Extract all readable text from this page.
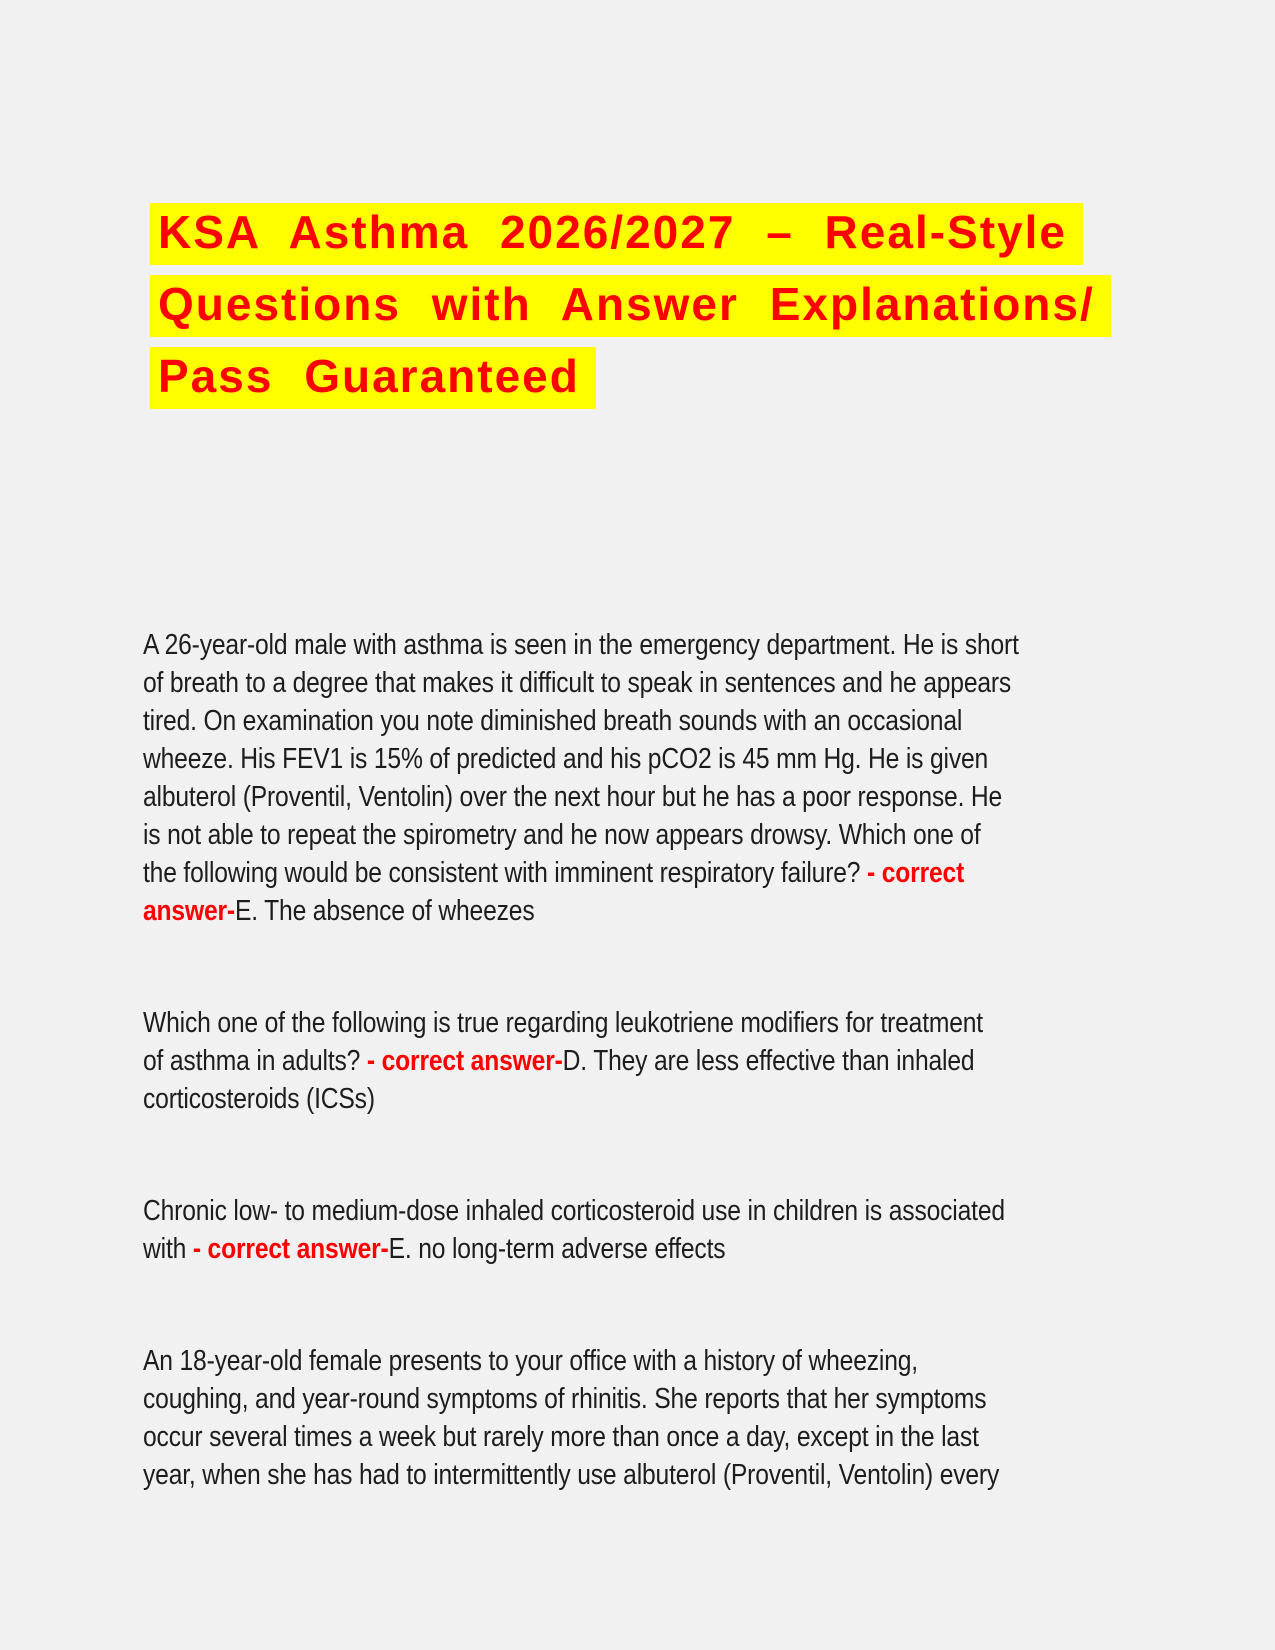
KSA Asthma 2026/2027 – Real-Style
Questions with Answer Explanations/
Pass Guaranteed
A 26-year-old male with asthma is seen in the emergency department. He is short
of breath to a degree that makes it difficult to speak in sentences and he appears
tired. On examination you note diminished breath sounds with an occasional
wheeze. His FEV1 is 15% of predicted and his pCO2 is 45 mm Hg. He is given
albuterol (Proventil, Ventolin) over the next hour but he has a poor response. He
is not able to repeat the spirometry and he now appears drowsy. Which one of
the following would be consistent with imminent respiratory failure? - correct
answer-E. The absence of wheezes
Which one of the following is true regarding leukotriene modifiers for treatment
of asthma in adults? - correct answer-D. They are less effective than inhaled
corticosteroids (ICSs)
Chronic low- to medium-dose inhaled corticosteroid use in children is associated
with - correct answer-E. no long-term adverse effects
An 18-year-old female presents to your office with a history of wheezing,
coughing, and year-round symptoms of rhinitis. She reports that her symptoms
occur several times a week but rarely more than once a day, except in the last
year, when she has had to intermittently use albuterol (Proventil, Ventolin) every
